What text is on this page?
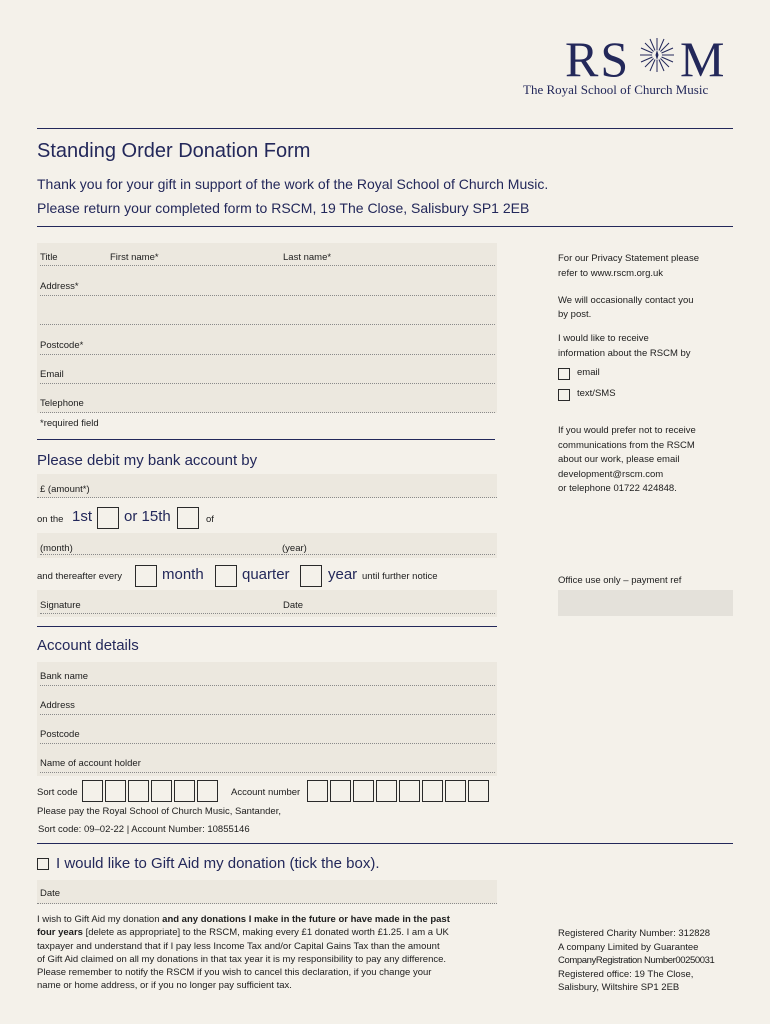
RS M
The Royal School of Church Music
Standing Order Donation Form
Thank you for your gift in support of the work of the Royal School of Church Music.
Please return your completed form to RSCM, 19 The Close, Salisbury SP1 2EB
Title	First name*	Last name*
Address*
Postcode*
Email
Telephone
*required field
For our Privacy Statement please
refer to www.rscm.org.uk
We will occasionally contact you
by post.
I would like to receive
information about the RSCM by
email
text/SMS
If you would prefer not to receive
communications from the RSCM
about our work, please email
development@rscm.com
or telephone 01722 424848.
Office use only – payment ref
Please debit my bank account by
£ (amount*)
on the 1st or 15th	of
(month)	(year)
and thereafter every	month	quarter	year until further notice
Signature	Date
Account details
Bank name
Address
Postcode
Name of account holder
Sort code	Account number
Please pay the Royal School of Church Music, Santander,
Sort code: 09–02-22 | Account Number: 10855146
I would like to Gift Aid my donation (tick the box).
Date
I wish to Gift Aid my donation and any donations I make in the future or have made in the past
four years [delete as appropriate] to the RSCM, making every £1 donated worth £1.25. I am a UK
taxpayer and understand that if I pay less Income Tax and/or Capital Gains Tax than the amount
of Gift Aid claimed on all my donations in that tax year it is my responsibility to pay any difference.
Please remember to notify the RSCM if you wish to cancel this declaration, if you change your
name or home address, or if you no longer pay sufficient tax.
Registered Charity Number: 312828
A company Limited by Guarantee
CompanyRegistration Number00250031
Registered office: 19 The Close,
Salisbury, Wiltshire SP1 2EB
